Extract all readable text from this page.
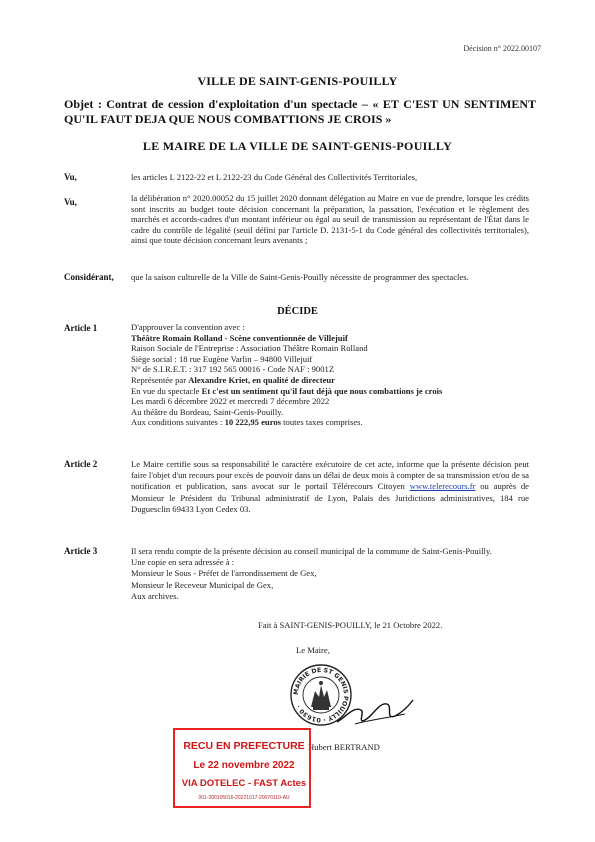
Décision n° 2022.00107
VILLE DE SAINT-GENIS-POUILLY
Objet : Contrat de cession d'exploitation d'un spectacle – « ET C'EST UN SENTIMENT QU'IL FAUT DEJA QUE NOUS COMBATTIONS JE CROIS »
LE MAIRE DE LA VILLE DE SAINT-GENIS-POUILLY
Vu,	les articles L 2122-22 et L 2122-23 du Code Général des Collectivités Territoriales,
Vu,	la délibération n° 2020.00052 du 15 juillet 2020 donnant délégation au Maire en vue de prendre, lorsque les crédits sont inscrits au budget toute décision concernant la préparation, la passation, l'exécution et le règlement des marchés et accords-cadres d'un montant inférieur ou égal au seuil de transmission au représentant de l'État dans le cadre du contrôle de légalité (seuil défini par l'article D. 2131-5-1 du Code général des collectivités territoriales), ainsi que toute décision concernant leurs avenants ;
Considérant, que la saison culturelle de la Ville de Saint-Genis-Pouilly nécessite de programmer des spectacles.
DÉCIDE
Article 1	D'approuver la convention avec :
Théâtre Romain Rolland - Scène conventionnée de Villejuif
Raison Sociale de l'Entreprise : Association Théâtre Romain Rolland
Siège social : 18 rue Eugène Varlin – 94800 Villejuif
N° de S.I.R.E.T. : 317 192 565 00016 - Code NAF : 9001Z
Représentée par Alexandre Kriet, en qualité de directeur
En vue du spectacle Et c'est un sentiment qu'il faut déjà que nous combattions je crois
Les mardi 6 décembre 2022 et mercredi 7 décembre 2022
Au théâtre du Bordeau, Saint-Genis-Pouilly.
Aux conditions suivantes : 10 222,95 euros toutes taxes comprises.
Article 2	Le Maire certifie sous sa responsabilité le caractère exécutoire de cet acte, informe que la présente décision peut faire l'objet d'un recours pour excès de pouvoir dans un délai de deux mois à compter de sa transmission et/ou de sa notification et publication, sans avocat sur le portail Télérecours Citoyen www.telerecours.fr ou auprès de Monsieur le Président du Tribunal administratif de Lyon, Palais des Juridictions administratives, 184 rue Duguesclin 69433 Lyon Cedex 03.
Article 3	Il sera rendu compte de la présente décision au conseil municipal de la commune de Saint-Genis-Pouilly.
Une copie en sera adressée à :
Monsieur le Sous - Préfet de l'arrondissement de Gex,
Monsieur le Receveur Municipal de Gex,
Aux archives.
Fait à SAINT-GENIS-POUILLY, le 21 Octobre 2022.
Le Maire,
MAIRIE DE ST GENIS POUILLY · 01630 ·
Hubert BERTRAND
RECU EN PREFECTURE
Le 22 novembre 2022
VIA DOTELEC - FAST Actes
001-200105016-20221017-20070110-AU
